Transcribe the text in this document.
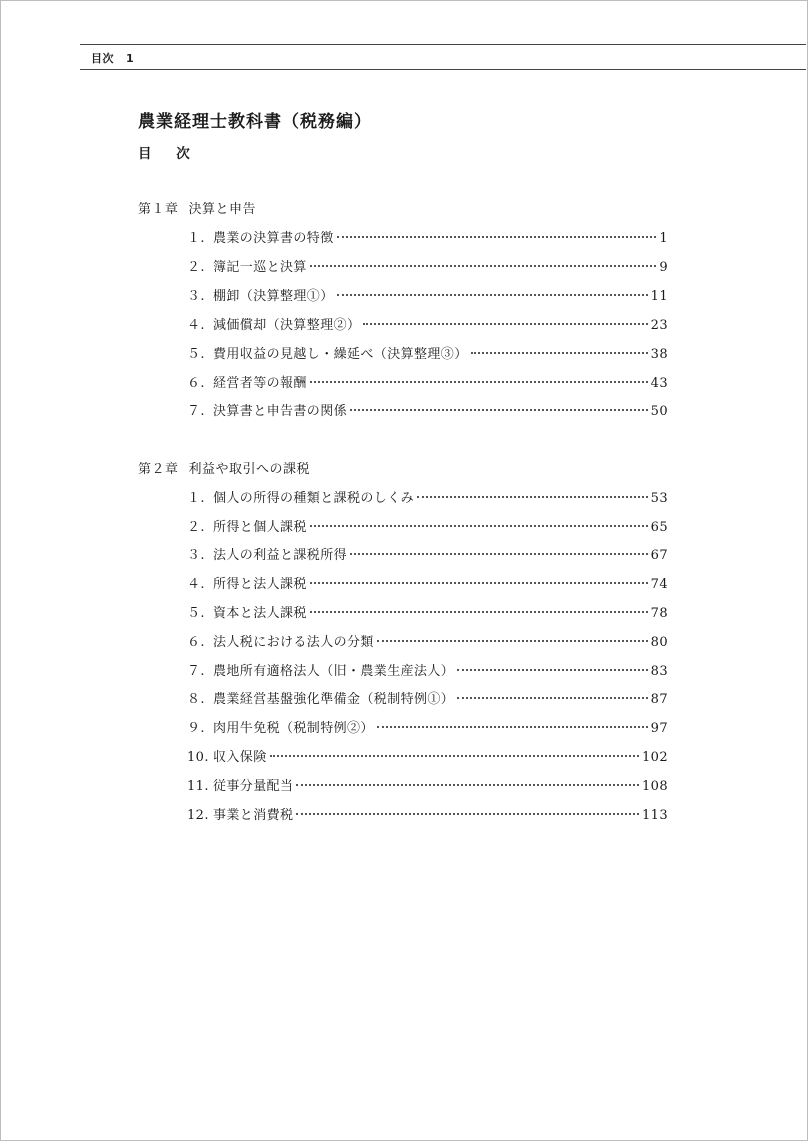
目次 1
農業経理士教科書（税務編）
目 次
第１章 決算と申告
１. 農業の決算書の特徴	1
２. 簿記一巡と決算	9
３. 棚卸（決算整理①）	11
４. 減価償却（決算整理②）	23
５. 費用収益の見越し・繰延べ（決算整理③）	38
６. 経営者等の報酬	43
７. 決算書と申告書の関係	50
第２章 利益や取引への課税
１. 個人の所得の種類と課税のしくみ	53
２. 所得と個人課税	65
３. 法人の利益と課税所得	67
４. 所得と法人課税	74
５. 資本と法人課税	78
６. 法人税における法人の分類	80
７. 農地所有適格法人（旧・農業生産法人）	83
８. 農業経営基盤強化準備金（税制特例①）	87
９. 肉用牛免税（税制特例②）	97
10. 収入保険	102
11. 従事分量配当	108
12. 事業と消費税	113
